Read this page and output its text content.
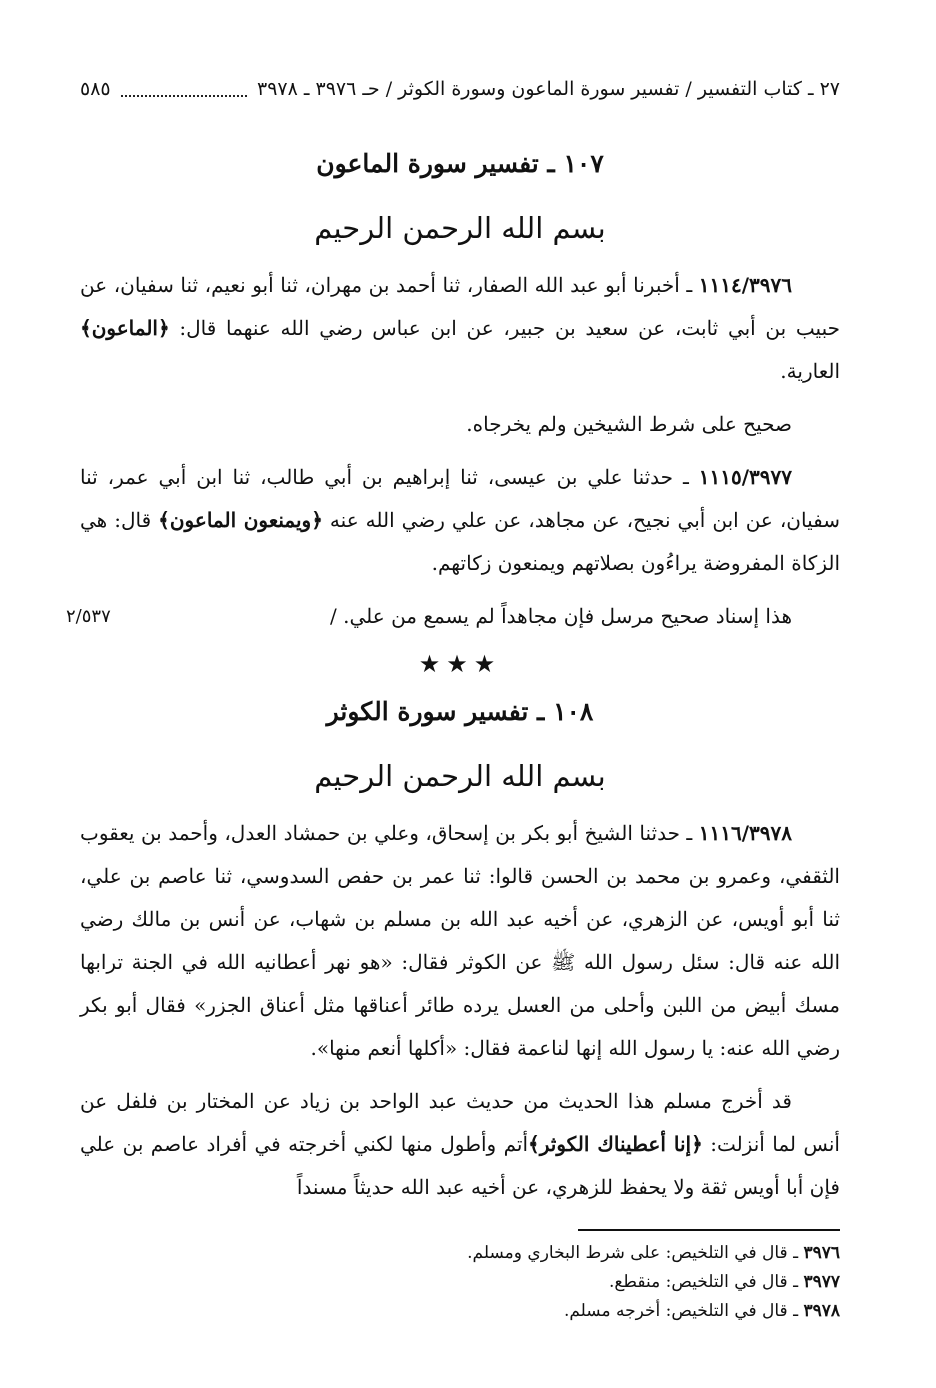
٢٧ ـ كتاب التفسير / تفسير سورة الماعون وسورة الكوثر / حـ ٣٩٧٦ ـ ٣٩٧٨
٥٨٥
١٠٧ ـ تفسير سورة الماعون
بسم الله الرحمن الرحيم

١١١٤/٣٩٧٦ ـ أخبرنا أبو عبد الله الصفار، ثنا أحمد بن مهران، ثنا أبو نعيم، ثنا سفيان، عن حبيب بن أبي ثابت، عن سعيد بن جبير، عن ابن عباس رضي الله عنهما قال: ﴿الماعون﴾العارية.

صحيح على شرط الشيخين ولم يخرجاه.

١١١٥/٣٩٧٧ ـ حدثنا علي بن عيسى، ثنا إبراهيم بن أبي طالب، ثنا ابن أبي عمر، ثنا سفيان، عن ابن أبي نجيح، عن مجاهد، عن علي رضي الله عنه ﴿ويمنعون الماعون﴾ قال: هي الزكاة المفروضة يراءُون بصلاتهم ويمنعون زكاتهم.

هذا إسناد صحيح مرسل فإن مجاهداً لم يسمع من علي. /
٢/٥٣٧

★★★
١٠٨ ـ تفسير سورة الكوثر
بسم الله الرحمن الرحيم

١١١٦/٣٩٧٨ ـ حدثنا الشيخ أبو بكر بن إسحاق، وعلي بن حمشاد العدل، وأحمد بن يعقوب الثقفي، وعمرو بن محمد بن الحسن قالوا: ثنا عمر بن حفص السدوسي، ثنا عاصم بن علي، ثنا أبو أويس، عن الزهري، عن أخيه عبد الله بن مسلم بن شهاب، عن أنس بن مالك رضي الله عنه قال: سئل رسول الله ﷺ عن الكوثر فقال: «هو نهر أعطانيه الله في الجنة ترابها مسك أبيض من اللبن وأحلى من العسل يرده طائر أعناقها مثل أعناق الجزر» فقال أبو بكر رضي الله عنه: يا رسول الله إنها لناعمة فقال: «أكلها أنعم منها».

قد أخرج مسلم هذا الحديث من حديث عبد الواحد بن زياد عن المختار بن فلفل عن أنس لما أنزلت: ﴿إنا أعطيناك الكوثر﴾أتم وأطول منها لكني أخرجته في أفراد عاصم بن علي فإن أبا أويس ثقة ولا يحفظ للزهري، عن أخيه عبد الله حديثاً مسنداً

٣٩٧٦ ـ قال في التلخيص: على شرط البخاري ومسلم.
٣٩٧٧ ـ قال في التلخيص: منقطع.
٣٩٧٨ ـ قال في التلخيص: أخرجه مسلم.
